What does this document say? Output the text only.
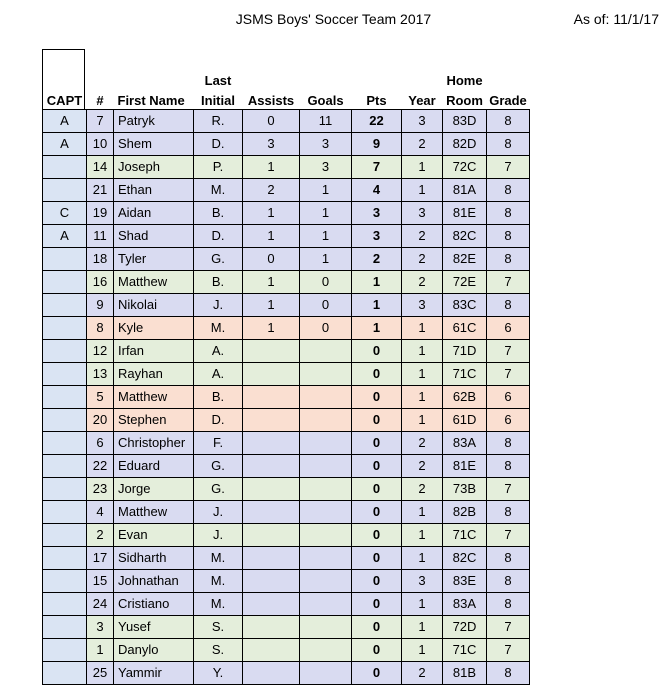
JSMS Boys' Soccer Team 2017	As of: 11/1/17
			Last					Home	
CAPT	#	First Name	Initial	Assists	Goals	Pts	Year	Room	Grade
A	7	Patryk	R.	0	11	22	3	83D	8
A	10	Shem	D.	3	3	9	2	82D	8
	14	Joseph	P.	1	3	7	1	72C	7
	21	Ethan	M.	2	1	4	1	81A	8
C	19	Aidan	B.	1	1	3	3	81E	8
A	11	Shad	D.	1	1	3	2	82C	8
	18	Tyler	G.	0	1	2	2	82E	8
	16	Matthew	B.	1	0	1	2	72E	7
	9	Nikolai	J.	1	0	1	3	83C	8
	8	Kyle	M.	1	0	1	1	61C	6
	12	Irfan	A.			0	1	71D	7
	13	Rayhan	A.			0	1	71C	7
	5	Matthew	B.			0	1	62B	6
	20	Stephen	D.			0	1	61D	6
	6	Christopher	F.			0	2	83A	8
	22	Eduard	G.			0	2	81E	8
	23	Jorge	G.			0	2	73B	7
	4	Matthew	J.			0	1	82B	8
	2	Evan	J.			0	1	71C	7
	17	Sidharth	M.			0	1	82C	8
	15	Johnathan	M.			0	3	83E	8
	24	Cristiano	M.			0	1	83A	8
	3	Yusef	S.			0	1	72D	7
	1	Danylo	S.			0	1	71C	7
	25	Yammir	Y.			0	2	81B	8
